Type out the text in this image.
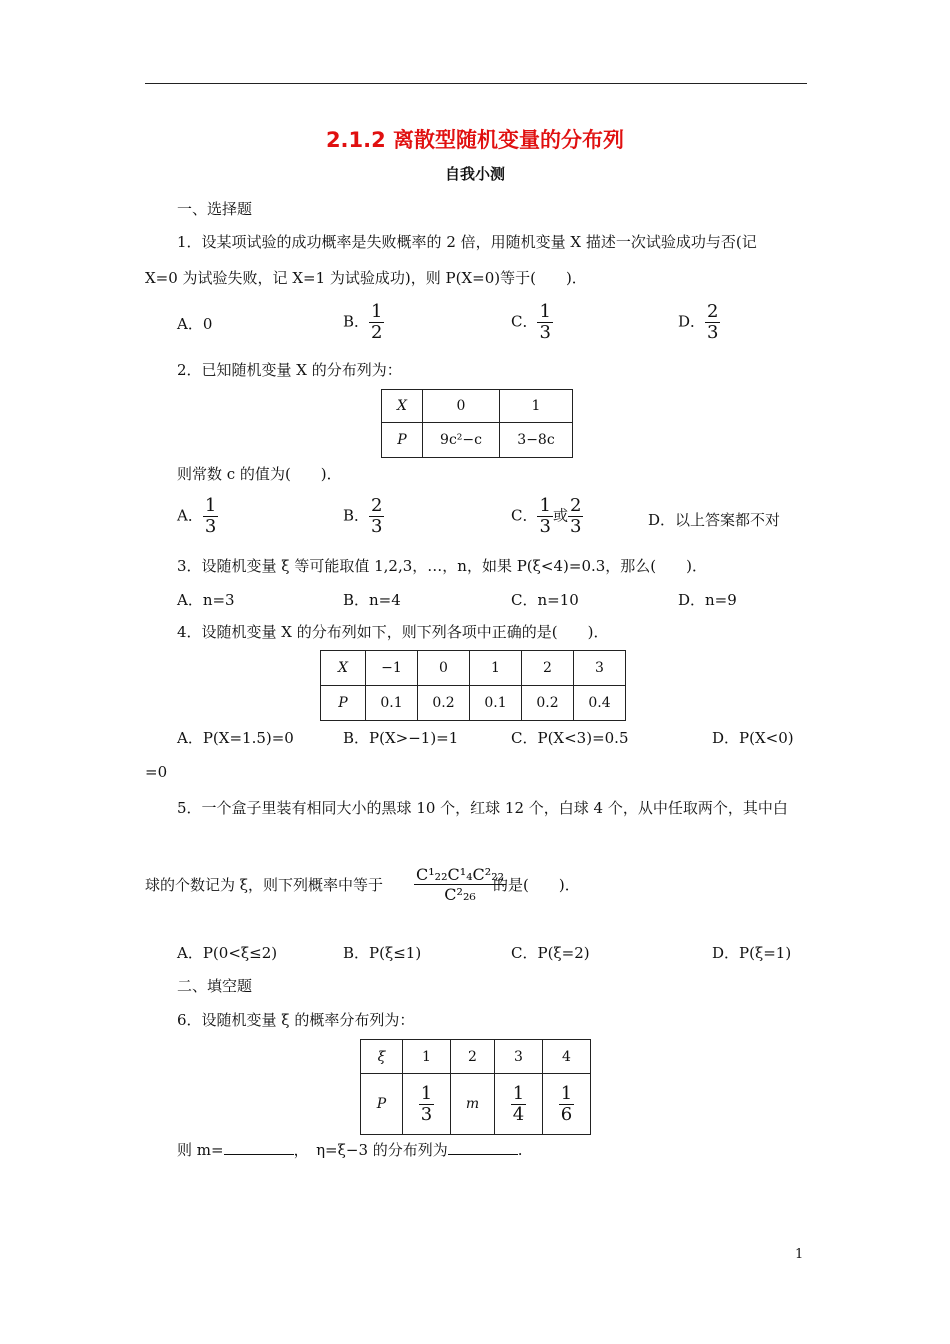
2.1.2 离散型随机变量的分布列
自我小测
一、选择题
1．设某项试验的成功概率是失败概率的 2 倍，用随机变量 X 描述一次试验成功与否(记
X=0 为试验失败，记 X=1 为试验成功)，则 P(X=0)等于(　　)．
A．0	B． $\frac{1}{2}$	C． $\frac{1}{3}$	D． $\frac{2}{3}$
2．已知随机变量 X 的分布列为：
X	0	1
P	9c²−c	3−8c
则常数 c 的值为(　　)．
A． $\frac{1}{3}$	B． $\frac{2}{3}$	C． $\frac{1}{3}$ 或 $\frac{2}{3}$	D．以上答案都不对
3．设随机变量 ξ 等可能取值 1,2,3，…，n，如果 P(ξ<4)=0.3，那么(　　)．
A．n=3	B．n=4	C．n=10	D．n=9
4．设随机变量 X 的分布列如下，则下列各项中正确的是(　　)．
X	−1	0	1	2	3
P	0.1	0.2	0.1	0.2	0.4
A．P(X=1.5)=0	B．P(X>−1)=1	C．P(X<3)=0.5	D．P(X<0)
=0
5．一个盒子里装有相同大小的黑球 10 个，红球 12 个，白球 4 个，从中任取两个，其中白
球的个数记为 ξ，则下列概率中等于
C¹₂₂C¹₄C²₂₂
C²₂₆	的是(　　)．
A．P(0<ξ≤2)	B．P(ξ≤1)	C．P(ξ=2)	D．P(ξ=1)
二、填空题
6．设随机变量 ξ 的概率分布列为：
ξ	1	2	3	4
P	$\frac{1}{3}$	m	$\frac{1}{4}$	$\frac{1}{6}$
则 m=	，　η=ξ−3 的分布列为	.
1
